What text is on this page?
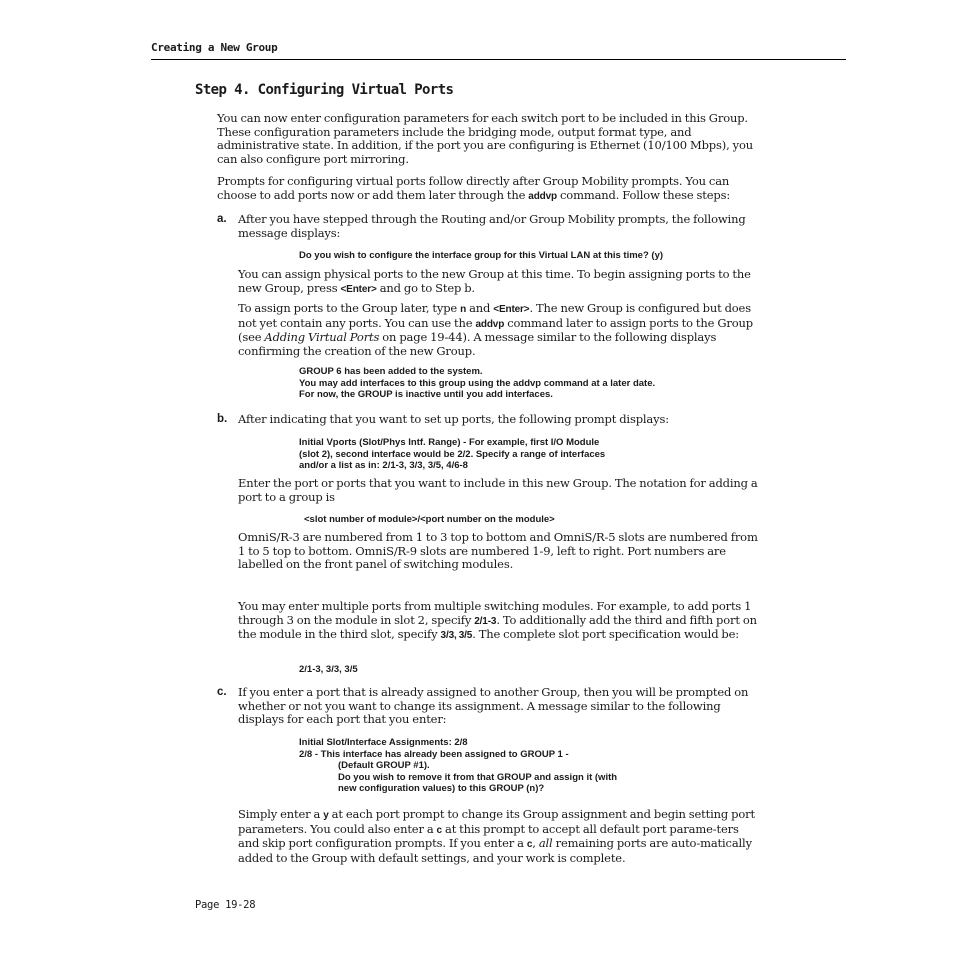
Creating a New Group
Step 4. Configuring Virtual Ports
You can now enter configuration parameters for each switch port to be included in this Group. These configuration parameters include the bridging mode, output format type, and administrative state. In addition, if the port you are configuring is Ethernet (10/100 Mbps), you can also configure port mirroring.
Prompts for configuring virtual ports follow directly after Group Mobility prompts. You can choose to add ports now or add them later through the addvp command. Follow these steps:
a. After you have stepped through the Routing and/or Group Mobility prompts, the following message displays:
Do you wish to configure the interface group for this Virtual LAN at this time? (y)
You can assign physical ports to the new Group at this time. To begin assigning ports to the new Group, press <Enter> and go to Step b.
To assign ports to the Group later, type n and <Enter>. The new Group is configured but does not yet contain any ports. You can use the addvp command later to assign ports to the Group (see Adding Virtual Ports on page 19-44). A message similar to the following displays confirming the creation of the new Group.
GROUP 6 has been added to the system.
You may add interfaces to this group using the addvp command at a later date.
For now, the GROUP is inactive until you add interfaces.
b. After indicating that you want to set up ports, the following prompt displays:
Initial Vports (Slot/Phys Intf. Range) - For example, first I/O Module
(slot 2), second interface would be 2/2. Specify a range of interfaces
and/or a list as in: 2/1-3, 3/3, 3/5, 4/6-8
Enter the port or ports that you want to include in this new Group. The notation for adding a port to a group is
<slot number of module>/<port number on the module>
OmniS/R-3 are numbered from 1 to 3 top to bottom and OmniS/R-5 slots are numbered from 1 to 5 top to bottom. OmniS/R-9 slots are numbered 1-9, left to right. Port numbers are labelled on the front panel of switching modules.
You may enter multiple ports from multiple switching modules. For example, to add ports 1 through 3 on the module in slot 2, specify 2/1-3. To additionally add the third and fifth port on the module in the third slot, specify 3/3, 3/5. The complete slot port specification would be:
2/1-3, 3/3, 3/5
c. If you enter a port that is already assigned to another Group, then you will be prompted on whether or not you want to change its assignment. A message similar to the following displays for each port that you enter:
Initial Slot/Interface Assignments: 2/8
2/8 - This interface has already been assigned to GROUP 1 -
(Default GROUP #1).
Do you wish to remove it from that GROUP and assign it (with
new configuration values) to this GROUP (n)?
Simply enter a y at each port prompt to change its Group assignment and begin setting port parameters. You could also enter a c at this prompt to accept all default port parame-ters and skip port configuration prompts. If you enter a c, all remaining ports are auto-matically added to the Group with default settings, and your work is complete.
Page 19-28
